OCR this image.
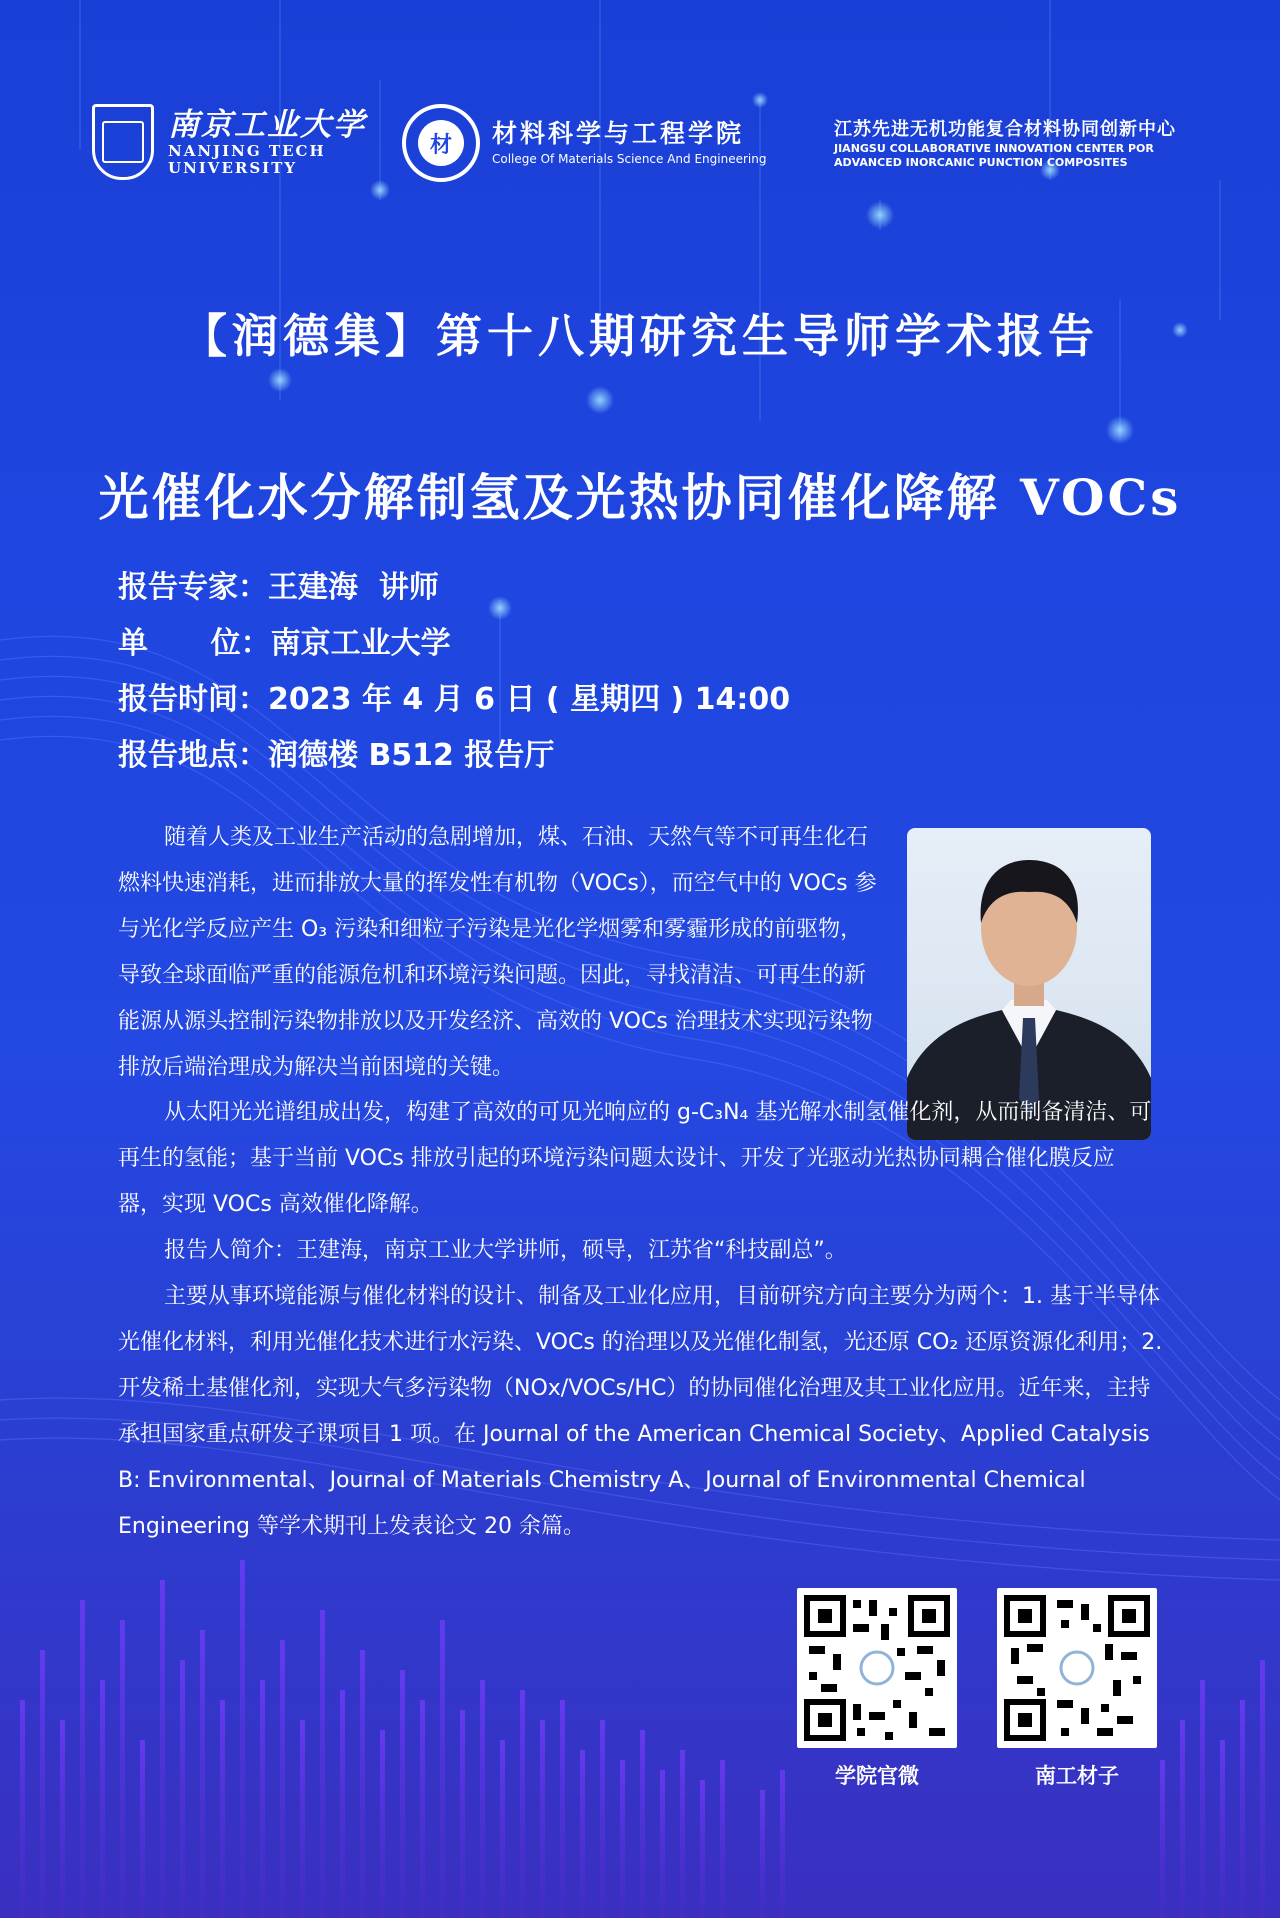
南京工业大学
NANJING TECH
UNIVERSITY
材	材料科学与工程学院
College Of Materials Science And Engineering
江苏先进无机功能复合材料协同创新中心
JIANGSU COLLABORATIVE INNOVATION CENTER POR ADVANCED INORCANIC PUNCTION COMPOSITES
【润德集】第十八期研究生导师学术报告
光催化水分解制氢及光热协同催化降解 VOCs
报告专家：王建海  讲师
单      位：南京工业大学
报告时间：2023 年 4 月 6 日 ( 星期四 ) 14:00
报告地点：润德楼 B512 报告厅

随着人类及工业生产活动的急剧增加，煤、石油、天然气等不可再生化石燃料快速消耗，进而排放大量的挥发性有机物（VOCs），而空气中的 VOCs 参与光化学反应产生 O₃ 污染和细粒子污染是光化学烟雾和雾霾形成的前驱物，导致全球面临严重的能源危机和环境污染问题。因此，寻找清洁、可再生的新能源从源头控制污染物排放以及开发经济、高效的 VOCs 治理技术实现污染物排放后端治理成为解决当前困境的关键。

从太阳光光谱组成出发，构建了高效的可见光响应的 g-C₃N₄ 基光解水制氢催化剂，从而制备清洁、可再生的氢能；基于当前 VOCs 排放引起的环境污染问题太设计、开发了光驱动光热协同耦合催化膜反应器，实现 VOCs 高效催化降解。

报告人简介：王建海，南京工业大学讲师，硕导，江苏省“科技副总”。

主要从事环境能源与催化材料的设计、制备及工业化应用，目前研究方向主要分为两个：1. 基于半导体光催化材料，利用光催化技术进行水污染、VOCs 的治理以及光催化制氢，光还原 CO₂ 还原资源化利用；2. 开发稀土基催化剂，实现大气多污染物（NOx/VOCs/HC）的协同催化治理及其工业化应用。近年来，主持承担国家重点研发子课项目 1 项。在 Journal of the American Chemical Society、Applied Catalysis B: Environmental、Journal of Materials Chemistry A、Journal of Environmental Chemical Engineering 等学术期刊上发表论文 20 余篇。

学院官微	南工材子
